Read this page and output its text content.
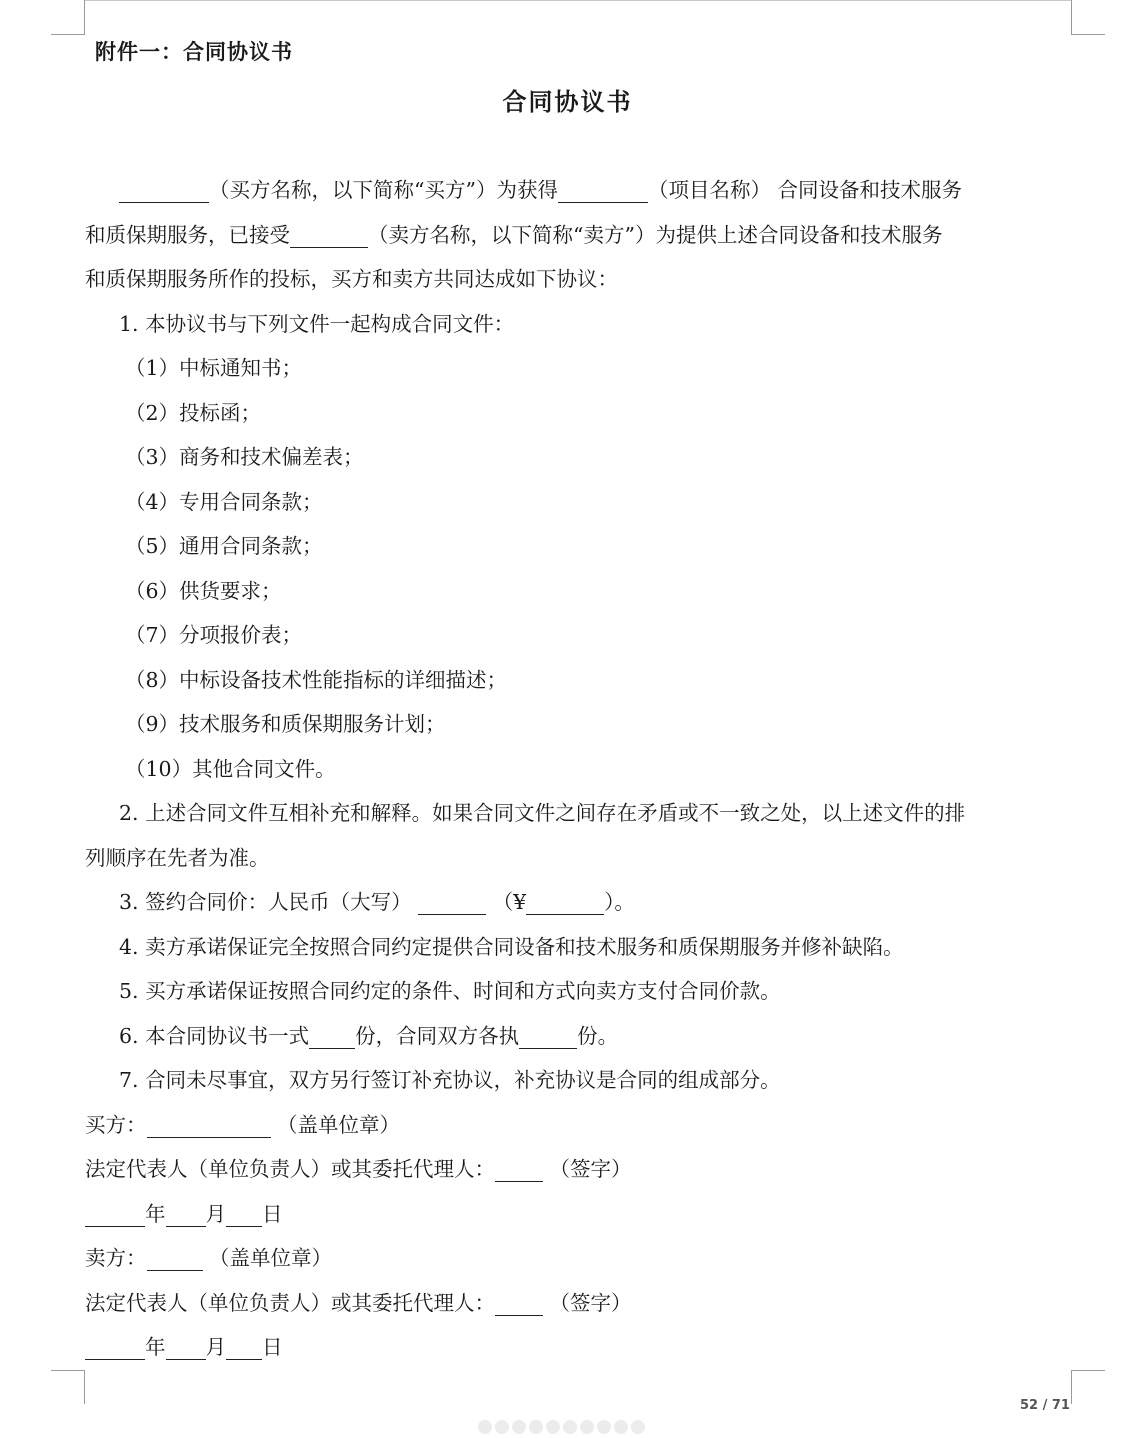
附件一：合同协议书
合同协议书

（买方名称，以下简称“买方”）为获得	（项目名称） 合同设备和技术服务

和质保期服务，已接受	（卖方名称，以下简称“卖方”）为提供上述合同设备和技术服务

和质保期服务所作的投标，买方和卖方共同达成如下协议：

1. 本协议书与下列文件一起构成合同文件：

（1）中标通知书；

（2）投标函；

（3）商务和技术偏差表；

（4）专用合同条款；

（5）通用合同条款；

（6）供货要求；

（7）分项报价表；

（8）中标设备技术性能指标的详细描述；

（9）技术服务和质保期服务计划；

（10）其他合同文件。

2. 上述合同文件互相补充和解释。如果合同文件之间存在矛盾或不一致之处，以上述文件的排

列顺序在先者为准。

3. 签约合同价：人民币（大写）	（¥	）。

4. 卖方承诺保证完全按照合同约定提供合同设备和技术服务和质保期服务并修补缺陷。

5. 买方承诺保证按照合同约定的条件、时间和方式向卖方支付合同价款。

6. 本合同协议书一式 份，合同双方各执	份。

7. 合同未尽事宜，双方另行签订补充协议，补充协议是合同的组成部分。

买方：	（盖单位章）

法定代表人（单位负责人）或其委托代理人：	（签字）

年 月 日

卖方：	（盖单位章）

法定代表人（单位负责人）或其委托代理人：	（签字）

年 月 日

52 / 71
